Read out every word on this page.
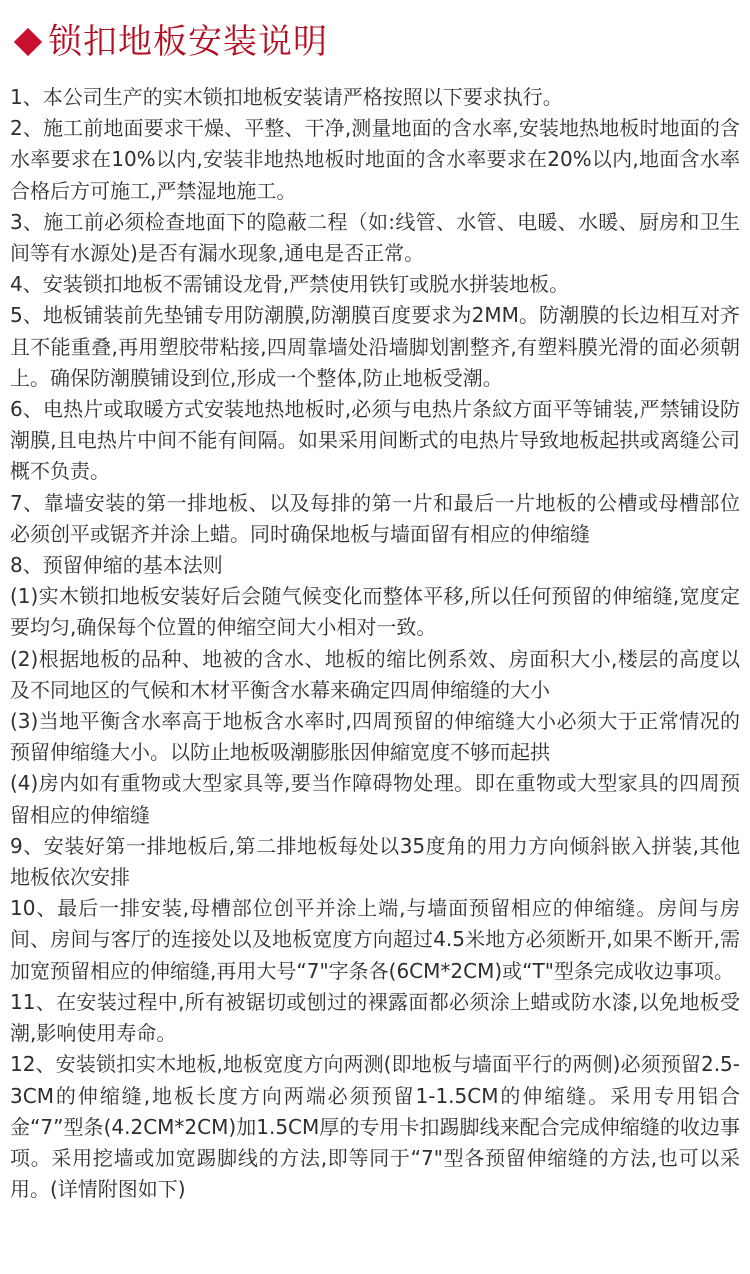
锁扣地板安装说明

1、本公司生产的实木锁扣地板安装请严格按照以下要求执行。

2、施工前地面要求干燥、平整、干净,测量地面的含水率,安装地热地板时地面的含水率要求在10%以内,安装非地热地板时地面的含水率要求在20%以内,地面含水率合格后方可施工,严禁湿地施工。

3、施工前必须检查地面下的隐蔽二程（如:线管、水管、电暖、水暖、厨房和卫生间等有水源处)是否有漏水现象,通电是否正常。

4、安装锁扣地板不需铺设龙骨,严禁使用铁钉或脱水拼装地板。

5、地板铺装前先垫铺专用防潮膜,防潮膜百度要求为2MM。防潮膜的长边相互对齐且不能重叠,再用塑胶带粘接,四周靠墙处沿墙脚划割整齐,有塑料膜光滑的面必须朝上。确保防潮膜铺设到位,形成一个整体,防止地板受潮。

6、电热片或取暖方式安装地热地板时,必须与电热片条紋方面平等铺装,严禁铺设防潮膜,且电热片中间不能有间隔。如果采用间断式的电热片导致地板起拱或离缝公司概不负责。

7、靠墙安装的第一排地板、以及每排的第一片和最后一片地板的公槽或母槽部位必须创平或锯齐并涂上蜡。同时确保地板与墙面留有相应的伸缩缝

8、预留伸缩的基本法则

(1)实木锁扣地板安装好后会随气候变化而整体平移,所以任何预留的伸缩缝,宽度定要均匀,确保每个位置的伸缩空间大小相对一致。

(2)根据地板的品种、地被的含水、地板的缩比例系效、房面积大小,楼层的高度以及不同地区的气候和木材平衡含水幕来确定四周伸缩缝的大小

(3)当地平衡含水率高于地板含水率时,四周预留的伸缩缝大小必须大于正常情况的预留伸缩缝大小。以防止地板吸潮膨胀因伸縮宽度不够而起拱

(4)房内如有重物或大型家具等,要当作障碍物处理。即在重物或大型家具的四周预留相应的伸缩缝

9、安装好第一排地板后,第二排地板每处以35度角的用力方向倾斜嵌入拼装,其他地板依次安排

10、最后一排安装,母槽部位创平并涂上端,与墙面预留相应的伸缩缝。房间与房间、房间与客厅的连接处以及地板宽度方向超过4.5米地方必须断开,如果不断开,需加宽预留相应的伸缩缝,再用大号“7"字条各(6CM*2CM)或“T"型条完成收边事项。

11、在安装过程中,所有被锯切或刨过的裸露面都必须涂上蜡或防水漆,以免地板受潮,影响使用寿命。

12、安装锁扣实木地板,地板宽度方向两测(即地板与墙面平行的两侧)必须预留2.5-3CM的伸缩缝,地板长度方向两端必须预留1-1.5CM的伸缩缝。采用专用铝合金“7”型条(4.2CM*2CM)加1.5CM厚的专用卡扣踢脚线来配合完成伸缩缝的收边事项。采用挖墙或加宽踢脚线的方法,即等同于“7"型各预留伸缩缝的方法,也可以采用。(详情附图如下)
